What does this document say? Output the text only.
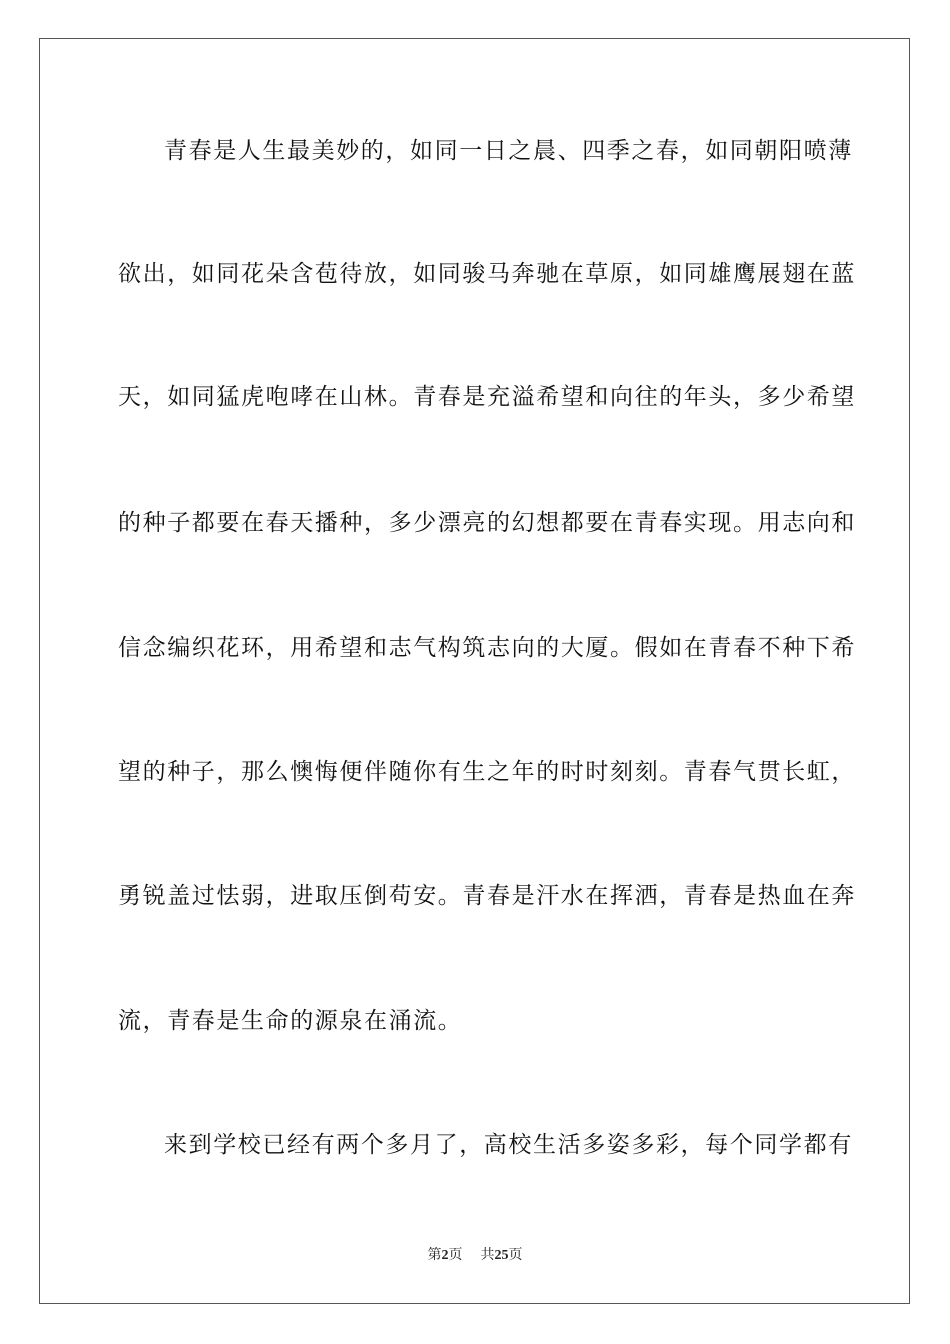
青春是人生最美妙的，如同一日之晨、四季之春，如同朝阳喷薄
欲出，如同花朵含苞待放，如同骏马奔驰在草原，如同雄鹰展翅在蓝
天，如同猛虎咆哮在山林。青春是充溢希望和向往的年头，多少希望
的种子都要在春天播种，多少漂亮的幻想都要在青春实现。用志向和
信念编织花环，用希望和志气构筑志向的大厦。假如在青春不种下希
望的种子，那么懊悔便伴随你有生之年的时时刻刻。青春气贯长虹，
勇锐盖过怯弱，进取压倒苟安。青春是汗水在挥洒，青春是热血在奔
流，青春是生命的源泉在涌流。
来到学校已经有两个多月了，高校生活多姿多彩，每个同学都有
第2页 共25页
